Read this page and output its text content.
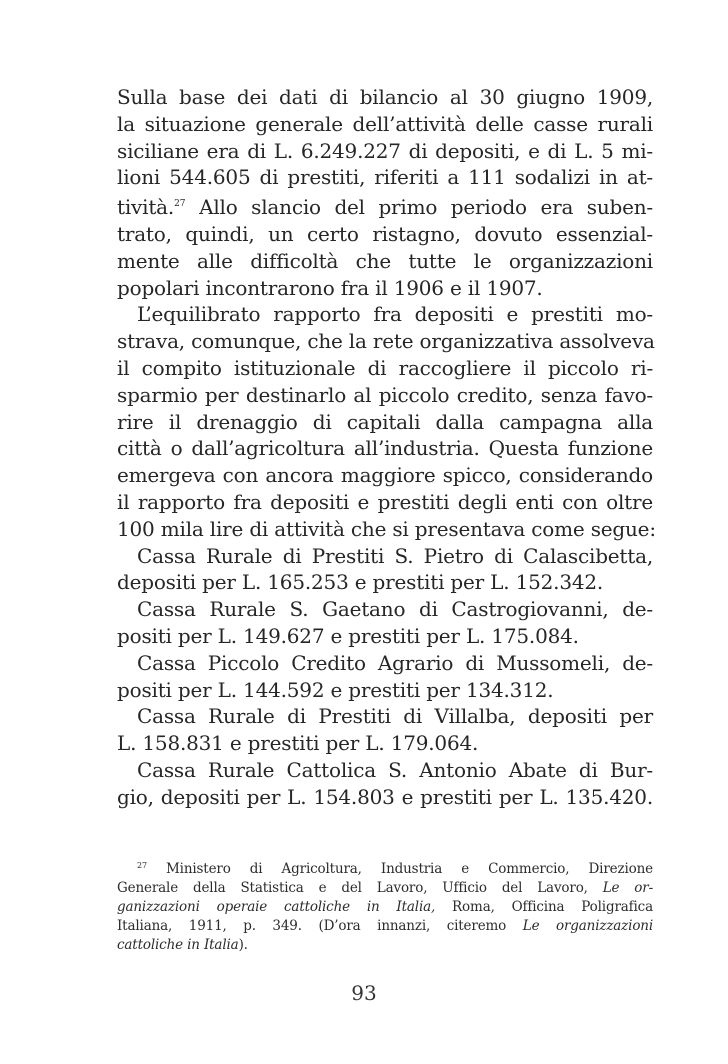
Sulla base dei dati di bilancio al 30 giugno 1909,
la situazione generale dell’attività delle casse rurali
siciliane era di L. 6.249.227 di depositi, e di L. 5 mi-
lioni 544.605 di prestiti, riferiti a 111 sodalizi in at-
tività.$^{27}$ Allo slancio del primo periodo era suben-
trato, quindi, un certo ristagno, dovuto essenzial-
mente alle difficoltà che tutte le organizzazioni
popolari incontrarono fra il 1906 e il 1907.
L’equilibrato rapporto fra depositi e prestiti mo-
strava, comunque, che la rete organizzativa assolveva
il compito istituzionale di raccogliere il piccolo ri-
sparmio per destinarlo al piccolo credito, senza favo-
rire il drenaggio di capitali dalla campagna alla
città o dall’agricoltura all’industria. Questa funzione
emergeva con ancora maggiore spicco, considerando
il rapporto fra depositi e prestiti degli enti con oltre
100 mila lire di attività che si presentava come segue:
Cassa Rurale di Prestiti S. Pietro di Calascibetta,
depositi per L. 165.253 e prestiti per L. 152.342.
Cassa Rurale S. Gaetano di Castrogiovanni, de-
positi per L. 149.627 e prestiti per L. 175.084.
Cassa Piccolo Credito Agrario di Mussomeli, de-
positi per L. 144.592 e prestiti per 134.312.
Cassa Rurale di Prestiti di Villalba, depositi per
L. 158.831 e prestiti per L. 179.064.
Cassa Rurale Cattolica S. Antonio Abate di Bur-
gio, depositi per L. 154.803 e prestiti per L. 135.420.
$^{27}$ Ministero di Agricoltura, Industria e Commercio, Direzione
Generale della Statistica e del Lavoro, Ufficio del Lavoro, Le or-
ganizzazioni operaie cattoliche in Italia, Roma, Officina Poligrafica
Italiana, 1911, p. 349. (D’ora innanzi, citeremo Le organizzazioni
cattoliche in Italia).
93
